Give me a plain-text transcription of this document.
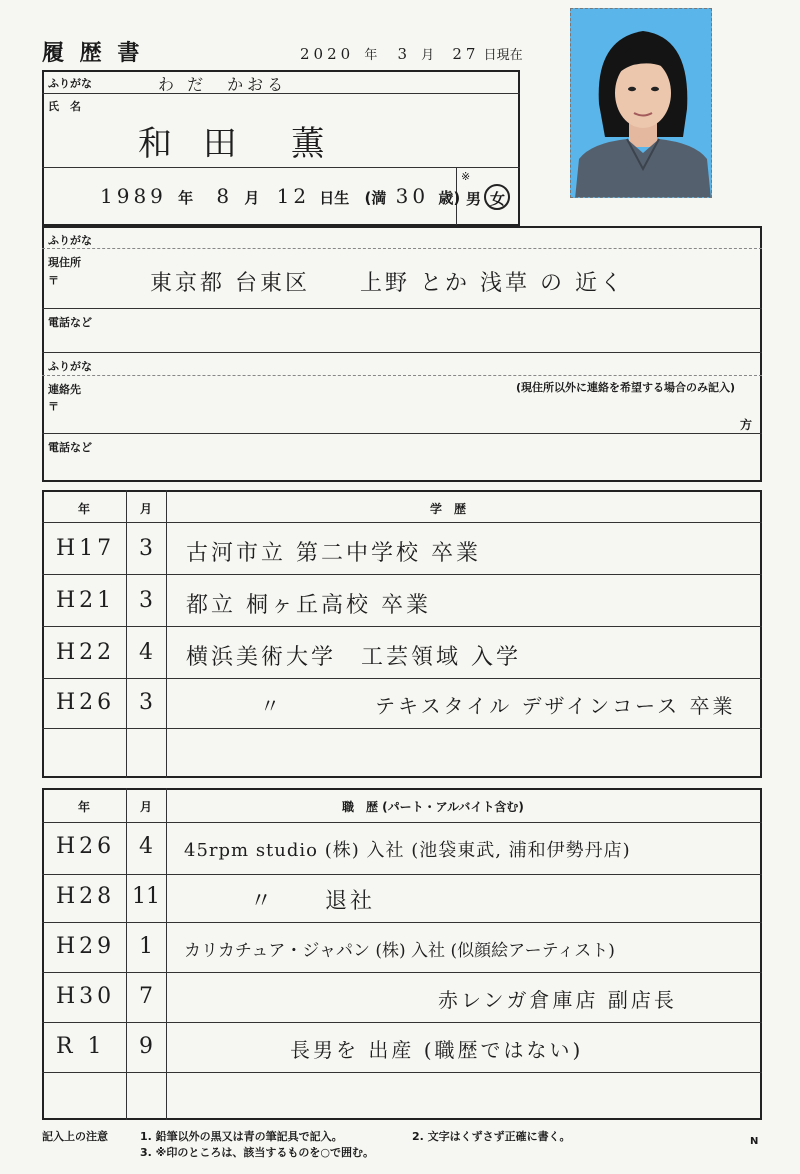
履 歴 書	2020 年 3 月 27 日現在
ふりがな	わ だ　かおる
氏　名
和 田　薫
1989 年 8 月 12 日生 (満 30 歳)
※
男 女
ふりがな
現住所
〒	東京都 台東区　　上野 とか 浅草 の 近く
電話など
ふりがな
連絡先
〒
(現住所以外に連絡を希望する場合のみ記入)
方
電話など
年	月	学　歴
H17	3	古河市立 第二中学校 卒業
H21	3	都立 桐ヶ丘高校 卒業
H22	4	横浜美術大学　工芸領域 入学
H26	3	〃　　　　テキスタイル デザインコース 卒業
年	月	職　歴 (パート・アルバイト含む)
H26	4	45rpm studio (株) 入社 (池袋東武, 浦和伊勢丹店)
H28 11	〃　　退社
H29	1	カリカチュア・ジャパン (株) 入社 (似顔絵アーティスト)
H30	7	赤レンガ倉庫店 副店長
R 1	9	長男を 出産 (職歴ではない)
記入上の注意	1. 鉛筆以外の黒又は青の筆記具で記入。	2. 文字はくずさず正確に書く。
3. ※印のところは、該当するものを○で囲む。
N
